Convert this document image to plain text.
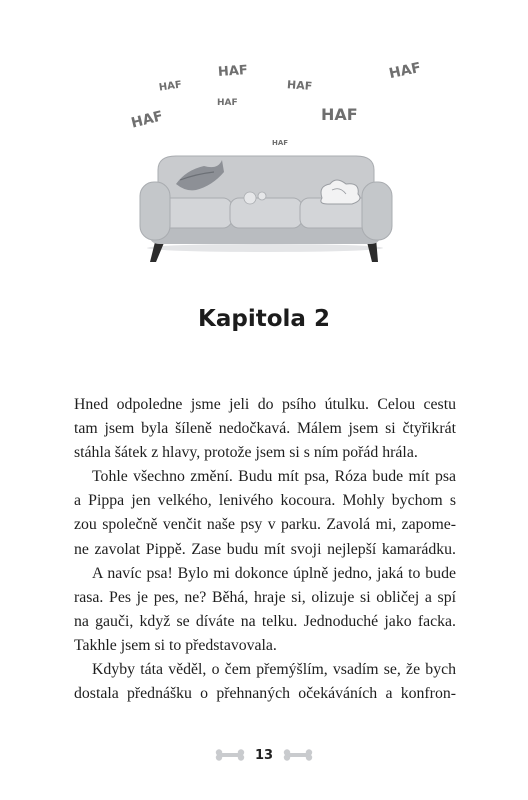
HAF

HAF

HAF

HAF

HAF

HAF

HAF

HAF

Kapitola 2
Hned odpoledne jsme jeli do psího útulku. Celou cestu
tam jsem byla šíleně nedočkavá. Málem jsem si čtyřikrát
stáhla šátek z hlavy, protože jsem si s ním pořád hrála.
Tohle všechno změní. Budu mít psa, Róza bude mít psa
a Pippa jen velkého, lenivého kocoura. Mohly bychom s
zou společně venčit naše psy v parku. Zavolá mi, zapome-
ne zavolat Pippě. Zase budu mít svoji nejlepší kamarádku.
A navíc psa! Bylo mi dokonce úplně jedno, jaká to bude
rasa. Pes je pes, ne? Běhá, hraje si, olizuje si obličej a spí
na gauči, když se díváte na telku. Jednoduché jako facka.
Takhle jsem si to představovala.
Kdyby táta věděl, o čem přemýšlím, vsadím se, že bych
dostala přednášku o přehnaných očekáváních a konfron-
13
